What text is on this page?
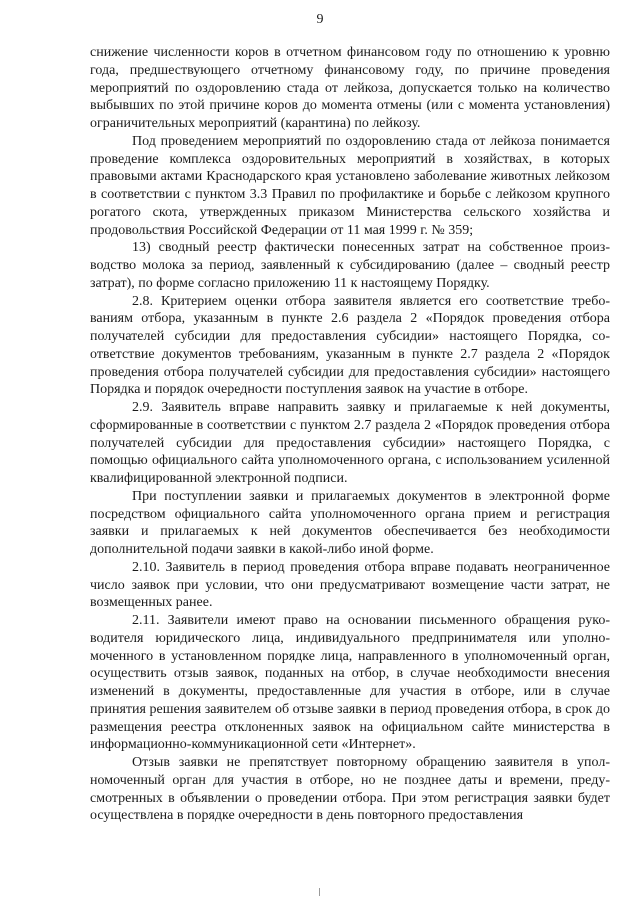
9

снижение численности коров в отчетном финансовом году по отношению к уровню года, предшествующего отчетному финансовому году, по причине проведения мероприятий по оздоровлению стада от лейкоза, допускается только на количество выбывших по этой причине коров до момента отмены (или с момента установления) ограничительных мероприятий (карантина) по лейкозу.

Под проведением мероприятий по оздоровлению стада от лейкоза понимается проведение комплекса оздоровительных мероприятий в хозяйствах, в которых правовыми актами Краснодарского края установлено заболевание животных лейкозом в соответствии с пунктом 3.3 Правил по профилактике и борьбе с лейкозом крупного рогатого скота, утвержденных приказом Министерства сельского хозяйства и продовольствия Российской Федерации от 11 мая 1999 г. № 359;

13) сводный реестр фактически понесенных затрат на собственное производство молока за период, заявленный к субсидированию (далее – сводный реестр затрат), по форме согласно приложению 11 к настоящему Порядку.

2.8. Критерием оценки отбора заявителя является его соответствие требованиям отбора, указанным в пункте 2.6 раздела 2 «Порядок проведения отбора получателей субсидии для предоставления субсидии» настоящего Порядка, соответствие документов требованиям, указанным в пункте 2.7 раздела 2 «Порядок проведения отбора получателей субсидии для предоставления субсидии» настоящего Порядка и порядок очередности поступления заявок на участие в отборе.

2.9. Заявитель вправе направить заявку и прилагаемые к ней документы, сформированные в соответствии с пунктом 2.7 раздела 2 «Порядок проведения отбора получателей субсидии для предоставления субсидии» настоящего Порядка, с помощью официального сайта уполномоченного органа, с использованием усиленной квалифицированной электронной подписи.

При поступлении заявки и прилагаемых документов в электронной форме посредством официального сайта уполномоченного органа прием и регистрация заявки и прилагаемых к ней документов обеспечивается без необходимости дополнительной подачи заявки в какой-либо иной форме.

2.10. Заявитель в период проведения отбора вправе подавать неограниченное число заявок при условии, что они предусматривают возмещение части затрат, не возмещенных ранее.

2.11. Заявители имеют право на основании письменного обращения руководителя юридического лица, индивидуального предпринимателя или уполномоченного в установленном порядке лица, направленного в уполномоченный орган, осуществить отзыв заявок, поданных на отбор, в случае необходимости внесения изменений в документы, предоставленные для участия в отборе, или в случае принятия решения заявителем об отзыве заявки в период проведения отбора, в срок до размещения реестра отклоненных заявок на официальном сайте министерства в информационно-коммуникационной сети «Интернет».

Отзыв заявки не препятствует повторному обращению заявителя в уполномоченный орган для участия в отборе, но не позднее даты и времени, предусмотренных в объявлении о проведении отбора. При этом регистрация заявки будет осуществлена в порядке очередности в день повторного предоставления
